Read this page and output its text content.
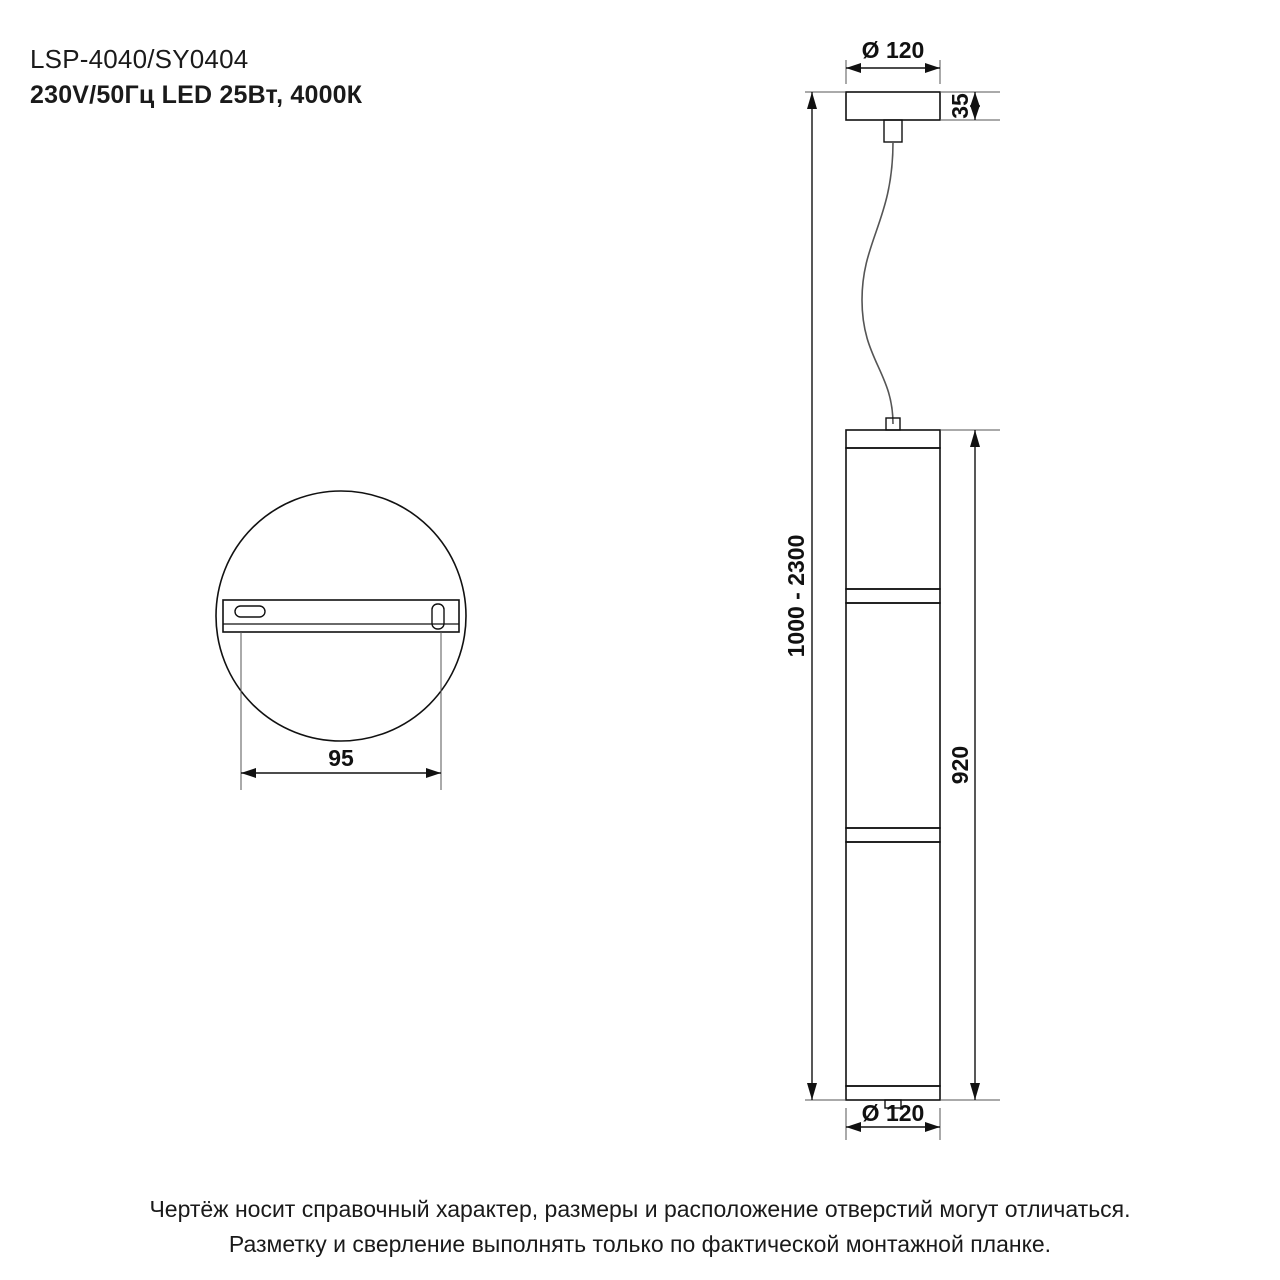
LSP-4040/SY0404
230V/50Гц LED 25Вт, 4000К
95
Ø 120
35
1000 - 2300
920
Ø 120
Чертёж носит справочный характер, размеры и расположение отверстий могут отличаться.
Разметку и сверление выполнять только по фактической монтажной планке.
